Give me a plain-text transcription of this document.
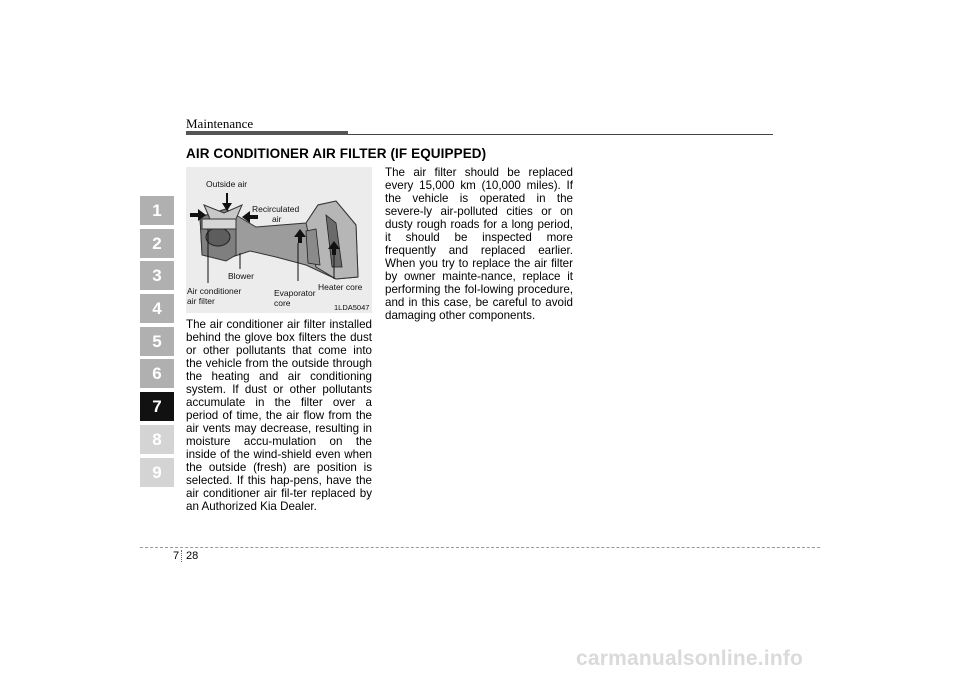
Maintenance
AIR CONDITIONER AIR FILTER (IF EQUIPPED)
1
2
3
4
5
6
7
8
9
Outside air
Recirculated
air
Blower
Air conditioner
air filter
Evaporator
core
Heater core
1LDA5047
The air conditioner air filter installed behind the glove box filters the dust or other pollutants that come into the vehicle from the outside through the heating and air conditioning system. If dust or other pollutants accumulate in the filter over a period of time, the air flow from the air vents may decrease, resulting in moisture accu-mulation on the inside of the wind-shield even when the outside (fresh) are position is selected. If this hap-pens, have the air conditioner air fil-ter replaced by an Authorized Kia Dealer.
The air filter should be replaced every 15,000 km (10,000 miles). If the vehicle is operated in the severe-ly air-polluted cities or on dusty rough roads for a long period, it should be inspected more frequently and replaced earlier. When you try to replace the air filter by owner mainte-nance, replace it performing the fol-lowing procedure, and in this case, be careful to avoid damaging other components.
7 28
carmanualsonline.info
